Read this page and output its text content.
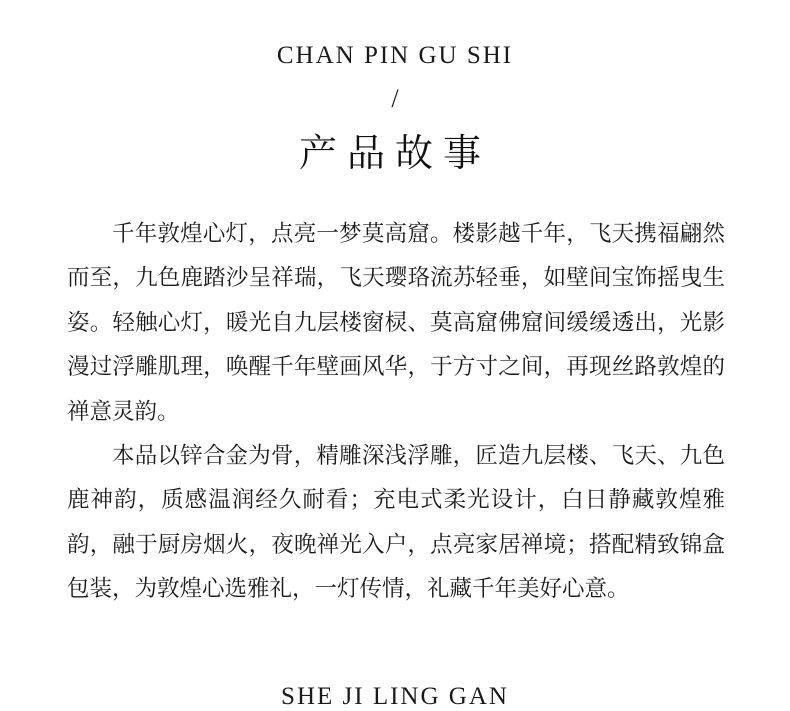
CHAN PIN GU SHI
/
产品故事

千年敦煌心灯，点亮一梦莫高窟。楼影越千年，飞天携福翩然而至，九色鹿踏沙呈祥瑞，飞天璎珞流苏轻垂，如壁间宝饰摇曳生姿。轻触心灯，暖光自九层楼窗棂、莫高窟佛窟间缓缓透出，光影漫过浮雕肌理，唤醒千年壁画风华，于方寸之间，再现丝路敦煌的禅意灵韵。

本品以锌合金为骨，精雕深浅浮雕，匠造九层楼、飞天、九色鹿神韵，质感温润经久耐看；充电式柔光设计，白日静藏敦煌雅韵，融于厨房烟火，夜晚禅光入户，点亮家居禅境；搭配精致锦盒包装，为敦煌心选雅礼，一灯传情，礼藏千年美好心意。

SHE JI LING GAN
